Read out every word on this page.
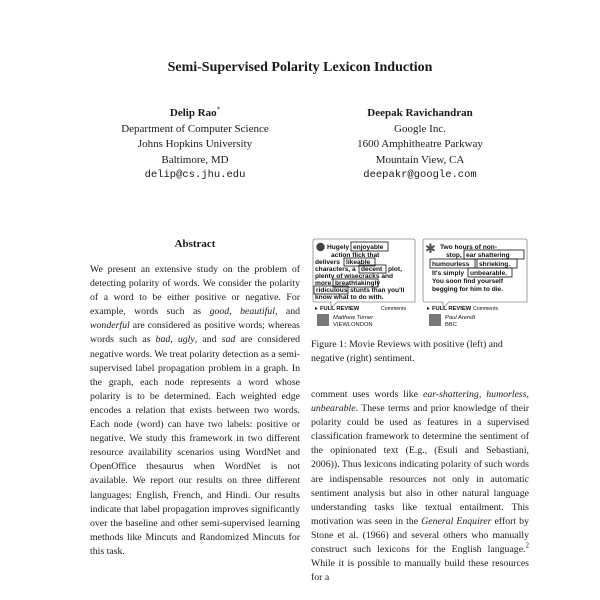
Semi-Supervised Polarity Lexicon Induction
Delip Rao*
Department of Computer Science
Johns Hopkins University
Baltimore, MD
delip@cs.jhu.edu
Deepak Ravichandran
Google Inc.
1600 Amphitheatre Parkway
Mountain View, CA
deepakr@google.com
Abstract
We present an extensive study on the problem of detecting polarity of words. We consider the polarity of a word to be either positive or negative. For example, words such as good, beautiful, and wonderful are considered as positive words; whereas words such as bad, ugly, and sad are considered negative words. We treat polarity detection as a semi-supervised label propagation problem in a graph. In the graph, each node represents a word whose polarity is to be determined. Each weighted edge encodes a relation that exists between two words. Each node (word) can have two labels: positive or negative. We study this framework in two different resource availability scenarios using WordNet and OpenOffice thesaurus when WordNet is not available. We report our results on three different languages: English, French, and Hindi. Our results indicate that label propagation improves significantly over the baseline and other semi-supervised learning methods like Mincuts and Randomized Mincuts for this task.
Hugely enjoyable
action flick that
delivers likeable
characters, a decent plot,
plenty of wisecracks and
more breathtakingly
ridiculous stunts than you'll
know what to do with.
▸ FULL REVIEW	Comments
Matthew Turner
VIEWLONDON
✱ Two hours of non-
stop, ear shattering
humourless shrieking.
It's simply unbearable.
You soon find yourself
begging for him to die.
▸ FULL REVIEW Comments
Paul Arendt
BBC
Figure 1: Movie Reviews with positive (left) and negative (right) sentiment.
comment uses words like ear-shattering, humorless, unbearable. These terms and prior knowledge of their polarity could be used as features in a supervised classification framework to determine the sentiment of the opinionated text (E.g., (Esuli and Sebastiani, 2006)). Thus lexicons indicating polarity of such words are indispensable resources not only in automatic sentiment analysis but also in other natural language understanding tasks like textual entailment. This motivation was seen in the General Enquirer effort by Stone et al. (1966) and several others who manually construct such lexicons for the English language.$^2$ While it is possible to manually build these resources for a
